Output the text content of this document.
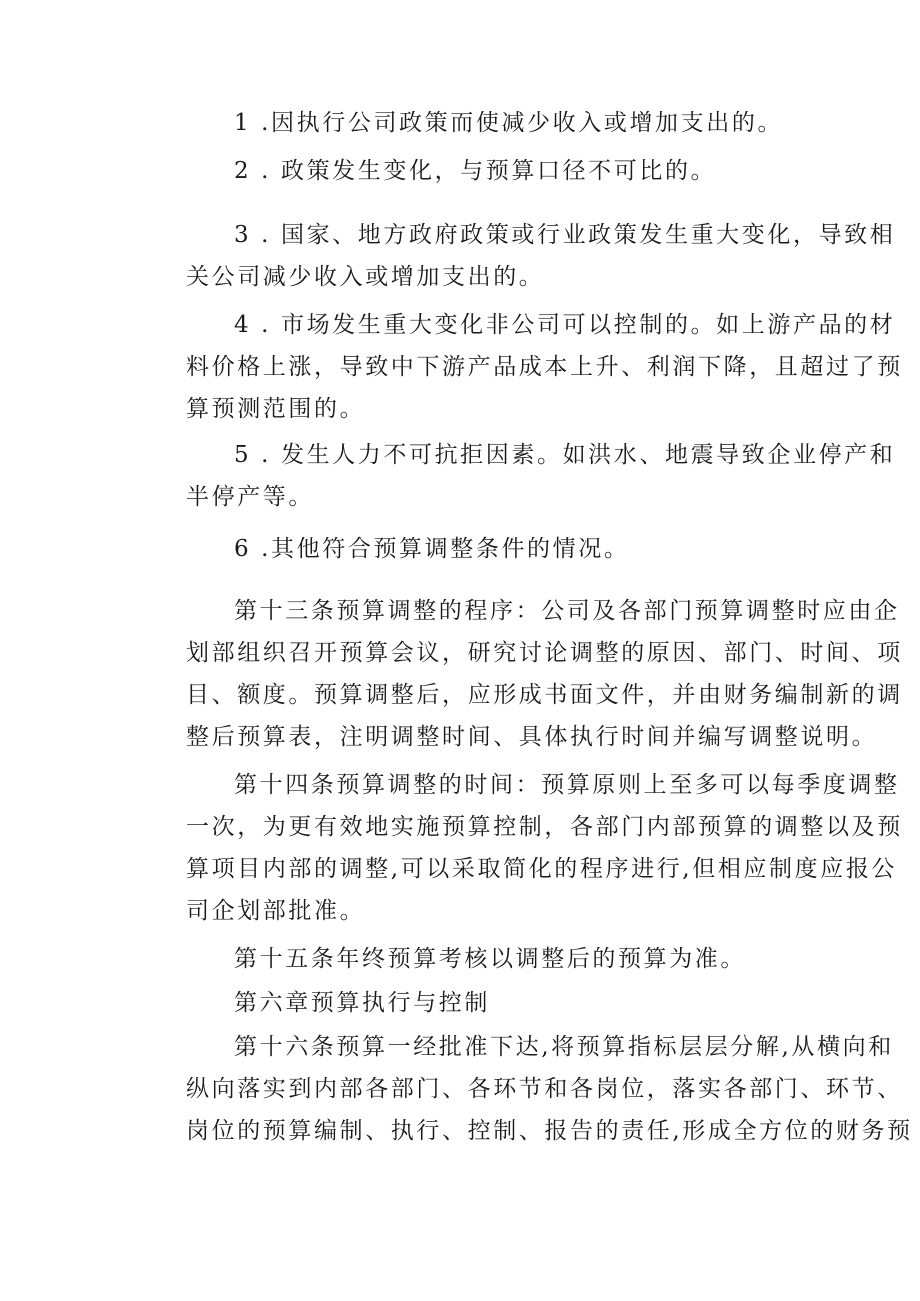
1 .因执行公司政策而使减少收入或增加支出的。
2 . 政策发生变化，与预算口径不可比的。
3 . 国家、地方政府政策或行业政策发生重大变化，导致相
关公司减少收入或增加支出的。
4 . 市场发生重大变化非公司可以控制的。如上游产品的材
料价格上涨，导致中下游产品成本上升、利润下降，且超过了预
算预测范围的。
5 . 发生人力不可抗拒因素。如洪水、地震导致企业停产和
半停产等。
6 .其他符合预算调整条件的情况。
第十三条预算调整的程序：公司及各部门预算调整时应由企
划部组织召开预算会议，研究讨论调整的原因、部门、时间、项
目、额度。预算调整后，应形成书面文件，并由财务编制新的调
整后预算表，注明调整时间、具体执行时间并编写调整说明。
第十四条预算调整的时间：预算原则上至多可以每季度调整
一次，为更有效地实施预算控制，各部门内部预算的调整以及预
算项目内部的调整,可以采取简化的程序进行,但相应制度应报公
司企划部批准。
第十五条年终预算考核以调整后的预算为准。
第六章预算执行与控制
第十六条预算一经批准下达,将预算指标层层分解,从横向和
纵向落实到内部各部门、各环节和各岗位，落实各部门、环节、
岗位的预算编制、执行、控制、报告的责任,形成全方位的财务预
